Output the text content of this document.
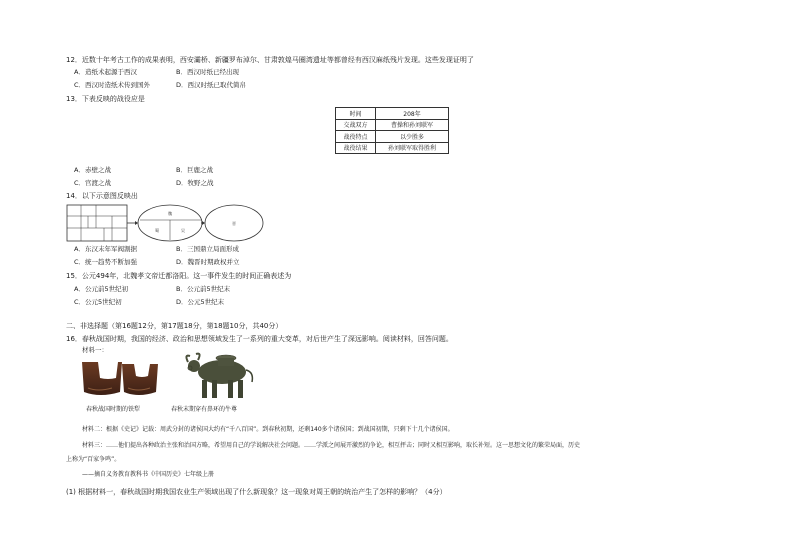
12．近数十年考古工作的成果表明，西安灞桥、新疆罗布淖尔、甘肃敦煌马圈湾遗址等都曾经有西汉麻纸残片发现。这些发现证明了
A．造纸术起源于西汉	B．西汉时纸已经出现
C．西汉时造纸术传到国外	D．西汉时纸已取代简帛
13．下表反映的战役应是
时间	208年
交战双方	曹操和孙刘联军
战役特点	以少胜多
战役结果	孙刘联军取得胜利
A．赤壁之战	B．巨鹿之战
C．官渡之战	D．牧野之战
14．以下示意图反映出
魏
蜀	吴
晋
A．东汉末年军阀割据	B．三国鼎立局面形成
C．统一趋势不断加强	D．魏晋时期政权并立
15．公元494年，北魏孝文帝迁都洛阳。这一事件发生的时间正确表述为
A．公元前5世纪初	B．公元前5世纪末
C．公元5世纪初	D．公元5世纪末
二、非选择题（第16题12分，第17题18分，第18题10分，共40分）
16．春秋战国时期，我国的经济、政治和思想领域发生了一系列的重大变革，对后世产生了深远影响。阅读材料，回答问题。
材料一：
春秋战国时期的铁犁	春秋末期穿有鼻环的牛尊
材料二：根据《史记》记载：周武分封的诸侯国大约有“千八百国”。到春秋初期，还剩140多个诸侯国；到战国初期，只剩下十几个诸侯国。
材料三：……他们提出各种政治主张和治国方略，希望用自己的学说解决社会问题。……学派之间展开激烈的争论，相互抨击；同时又相互影响，取长补短。这一思想文化的繁荣局面，历史
上称为“百家争鸣”。
——摘自义务教育教科书《中国历史》七年级上册
(1) 根据材料一，春秋战国时期我国农业生产领域出现了什么新现象？这一现象对周王朝的统治产生了怎样的影响？（4分）
